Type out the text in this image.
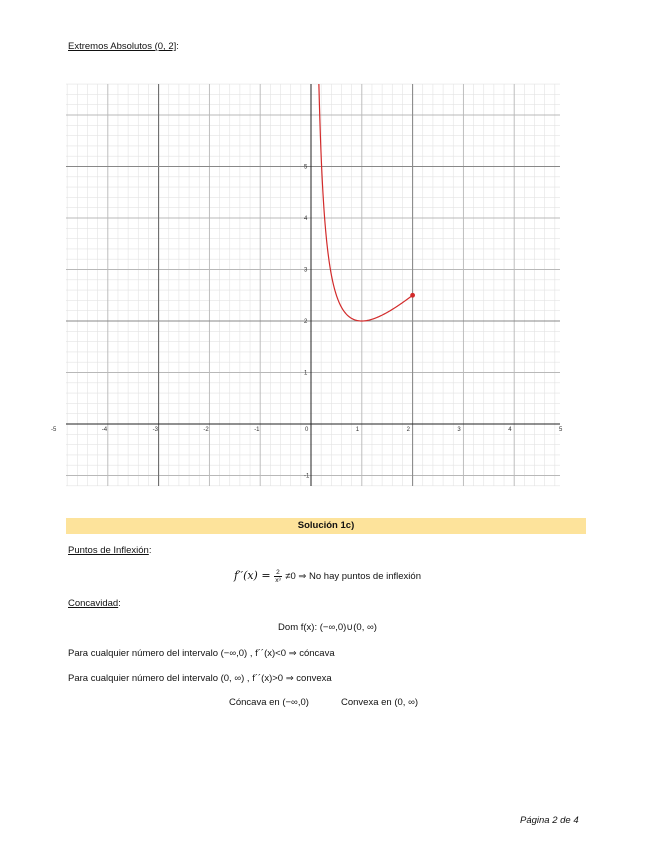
Extremos Absolutos (0, 2]:
-5	-4	-3	-2	-1	0	1	2	3	4	5
5
4
3
2
1
-1
Solución 1c)
Puntos de Inflexión:
$f''(x) = \frac{2}{\text{x³}} \ne 0$ ⇒ No hay puntos de inflexión
Concavidad:
Dom f(x): (−∞,0)∪(0, ∞)
Para cualquier número del intervalo (−∞,0) , f´´(x)<0 ⇒ cóncava
Para cualquier número del intervalo (0, ∞) , f´´(x)>0 ⇒ convexa
Cóncava en (−∞,0)	Convexa en (0, ∞)
Página 2 de 4
